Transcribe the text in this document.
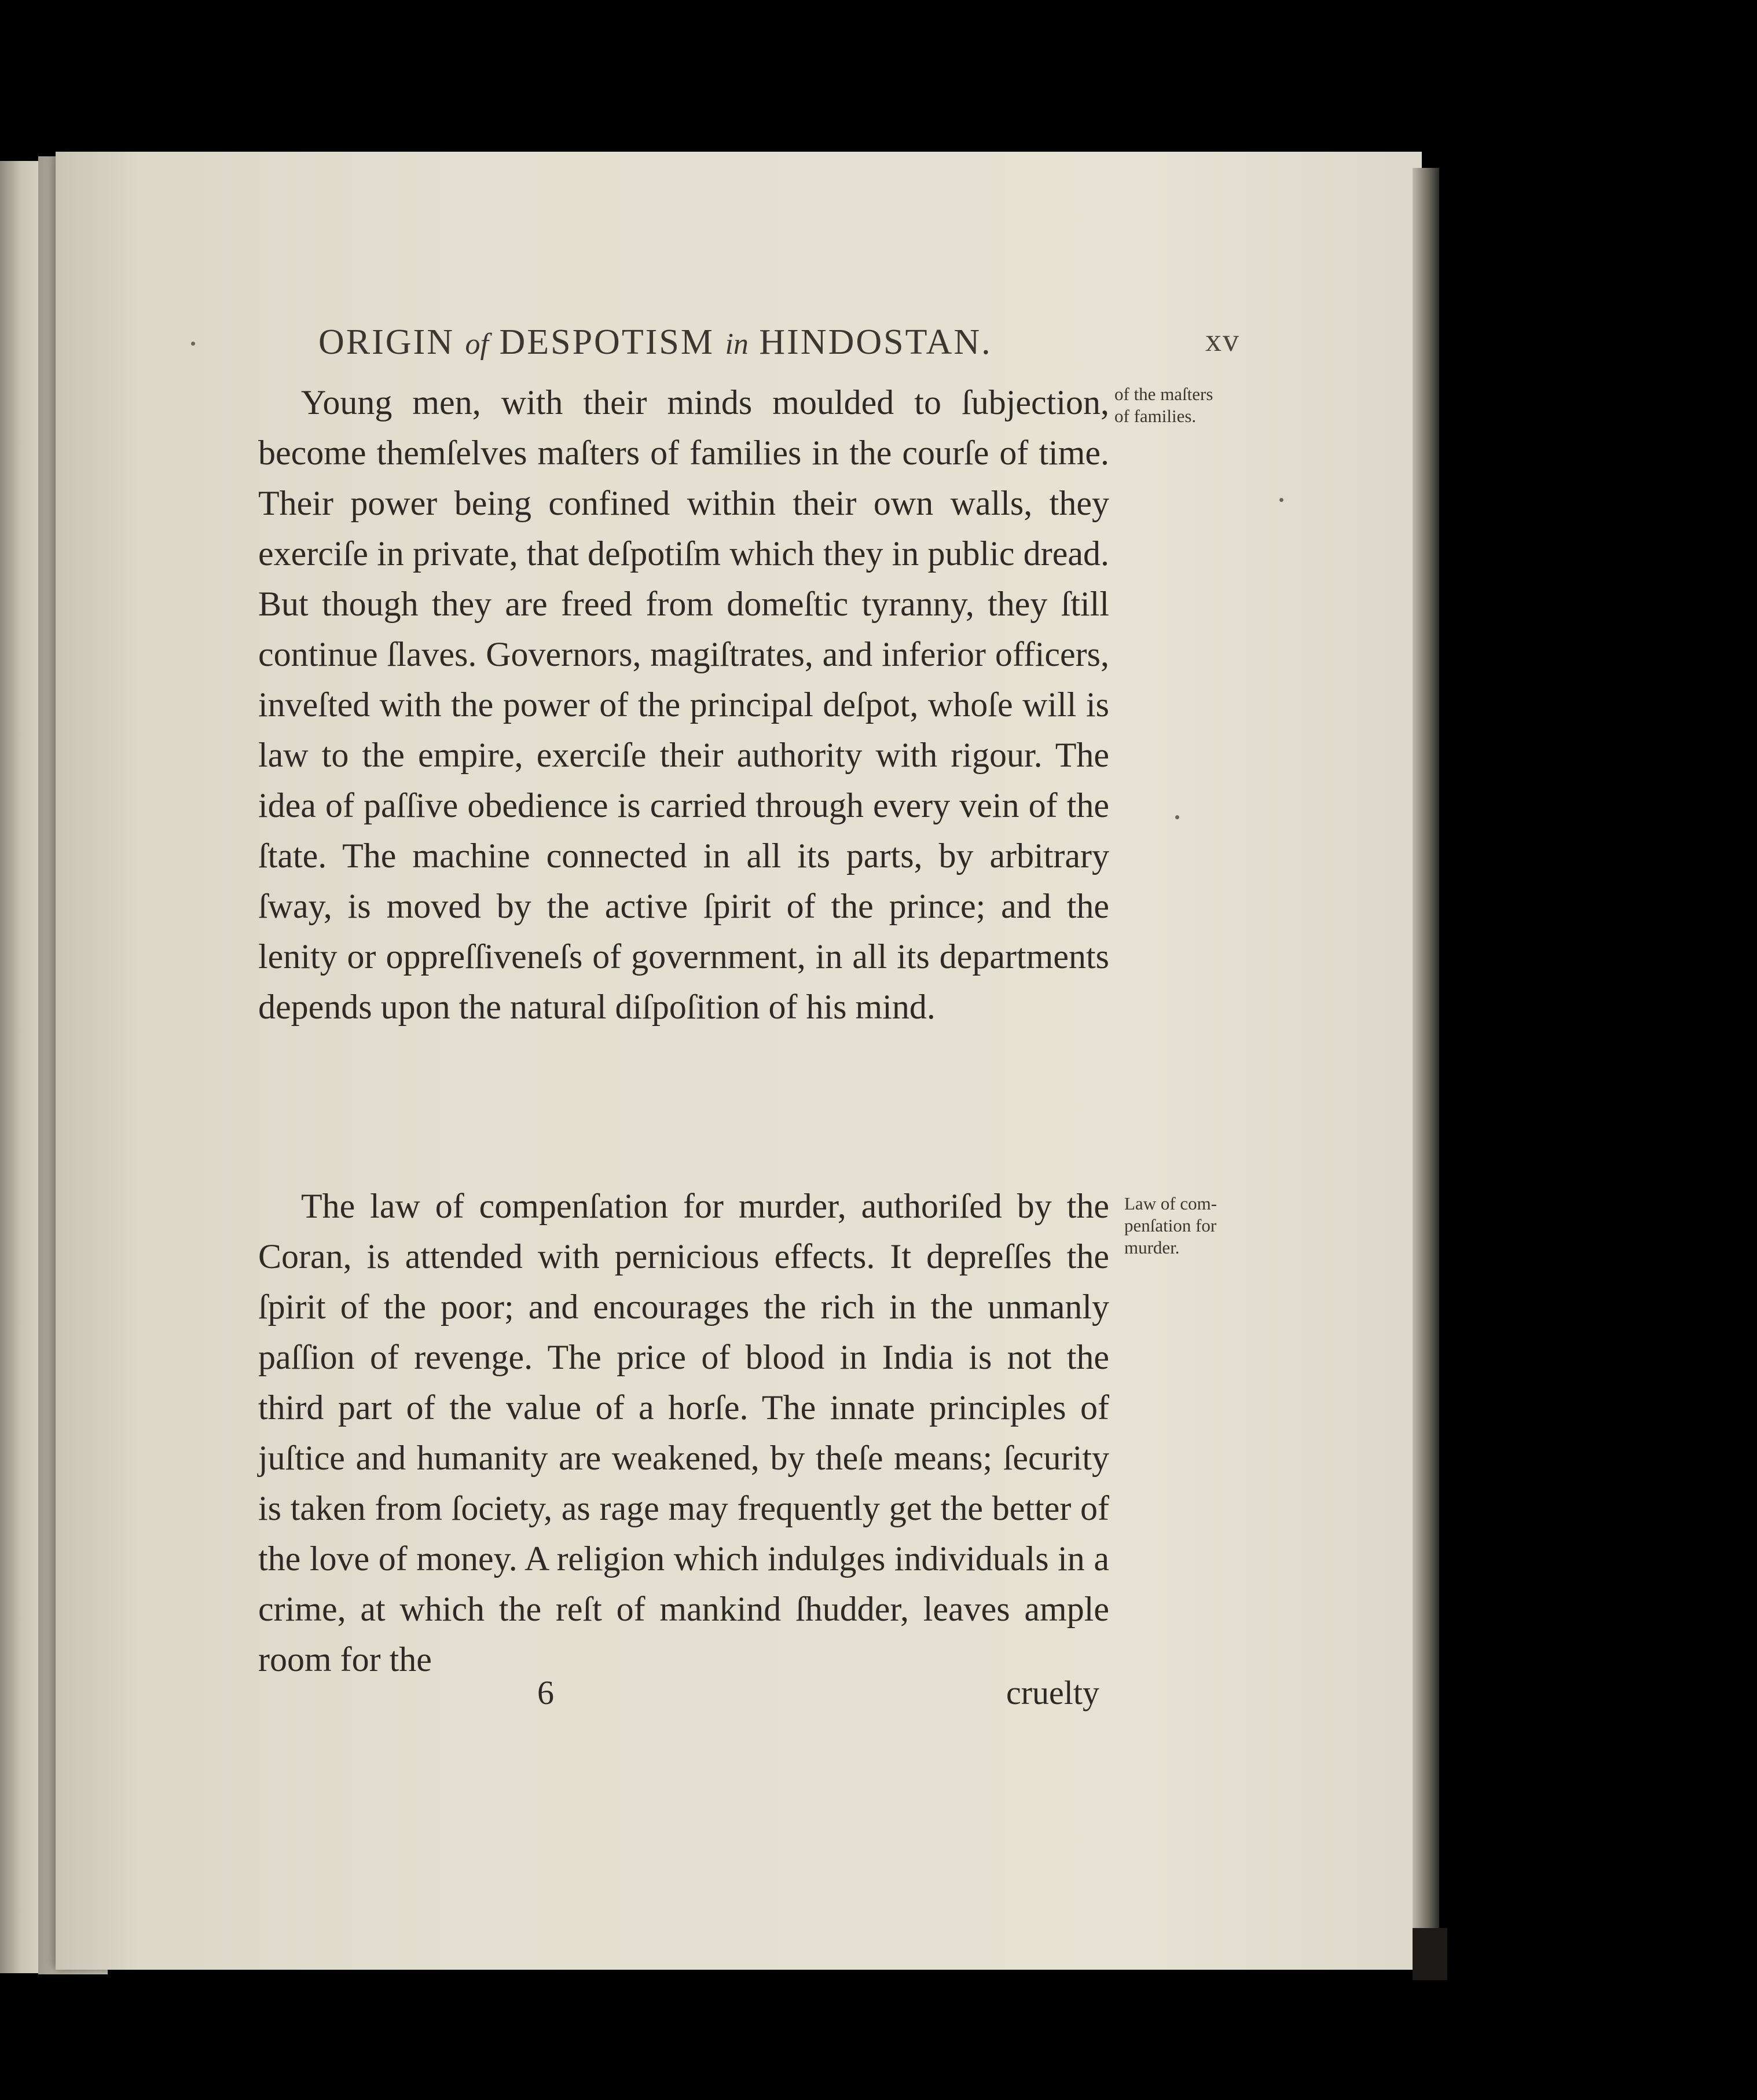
ORIGIN of DESPOTISM in HINDOSTAN.	xv
of the maſters
of families.

Young men, with their minds moulded to ſubjection, become themſelves maſters of families in the courſe of time. Their power being confined within their own walls, they exerciſe in private, that deſpotiſm which they in public dread. But though they are freed from domeſtic tyranny, they ſtill continue ſlaves. Governors, magiſtrates, and inferior officers, inveſted with the power of the principal deſpot, whoſe will is law to the empire, exerciſe their authority with rigour. The idea of paſſive obedience is carried through every vein of the ſtate. The machine connected in all its parts, by arbitrary ſway, is moved by the active ſpirit of the prince; and the lenity or oppreſſiveneſs of government, in all its departments depends upon the natural diſpoſition of his mind.

Law of com-
penſation for
murder.

The law of compenſation for murder, authoriſed by the Coran, is attended with pernicious effects. It depreſſes the ſpirit of the poor; and encourages the rich in the unmanly paſſion of revenge. The price of blood in India is not the third part of the value of a horſe. The innate principles of juſtice and humanity are weakened, by theſe means; ſecurity is taken from ſociety, as rage may frequently get the better of the love of money. A religion which indulges individuals in a crime, at which the reſt of mankind ſhudder, leaves ample room for the

6	cruelty
